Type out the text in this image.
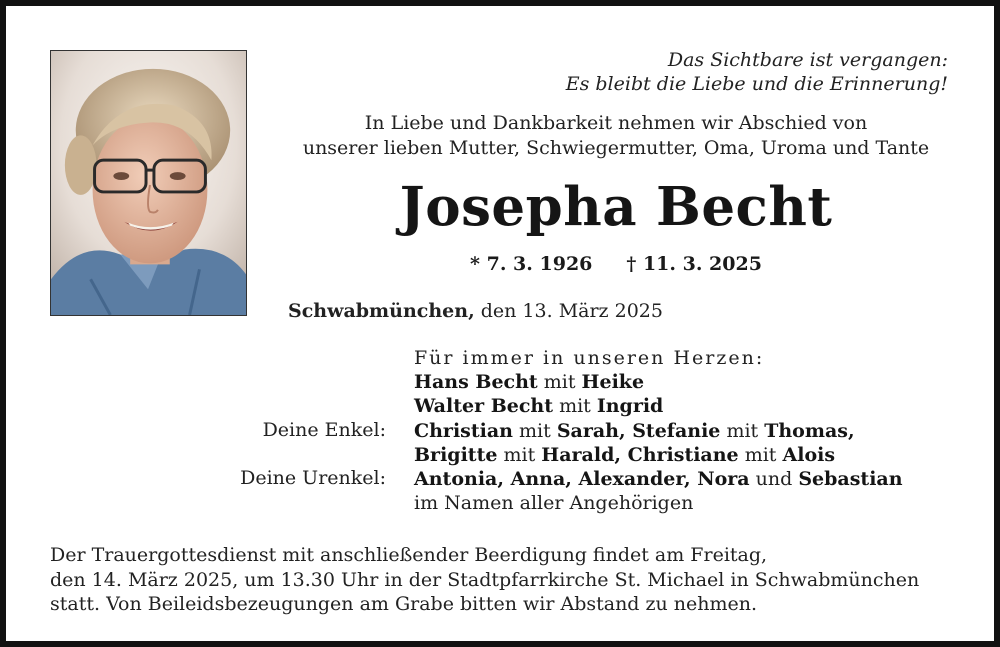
Das Sichtbare ist vergangen:
Es bleibt die Liebe und die Erinnerung!
In Liebe und Dankbarkeit nehmen wir Abschied von
unserer lieben Mutter, Schwiegermutter, Oma, Uroma und Tante
Josepha Becht
* 7. 3. 1926 † 11. 3. 2025
Schwabmünchen, den 13. März 2025
Deine Enkel:
Deine Urenkel:
Für immer in unseren Herzen:
Hans Becht mit Heike
Walter Becht mit Ingrid
Christian mit Sarah, Stefanie mit Thomas,
Brigitte mit Harald, Christiane mit Alois
Antonia, Anna, Alexander, Nora und Sebastian
im Namen aller Angehörigen
Der Trauergottesdienst mit anschließender Beerdigung findet am Freitag,
den 14. März 2025, um 13.30 Uhr in der Stadtpfarrkirche St. Michael in Schwabmünchen
statt. Von Beileidsbezeugungen am Grabe bitten wir Abstand zu nehmen.
